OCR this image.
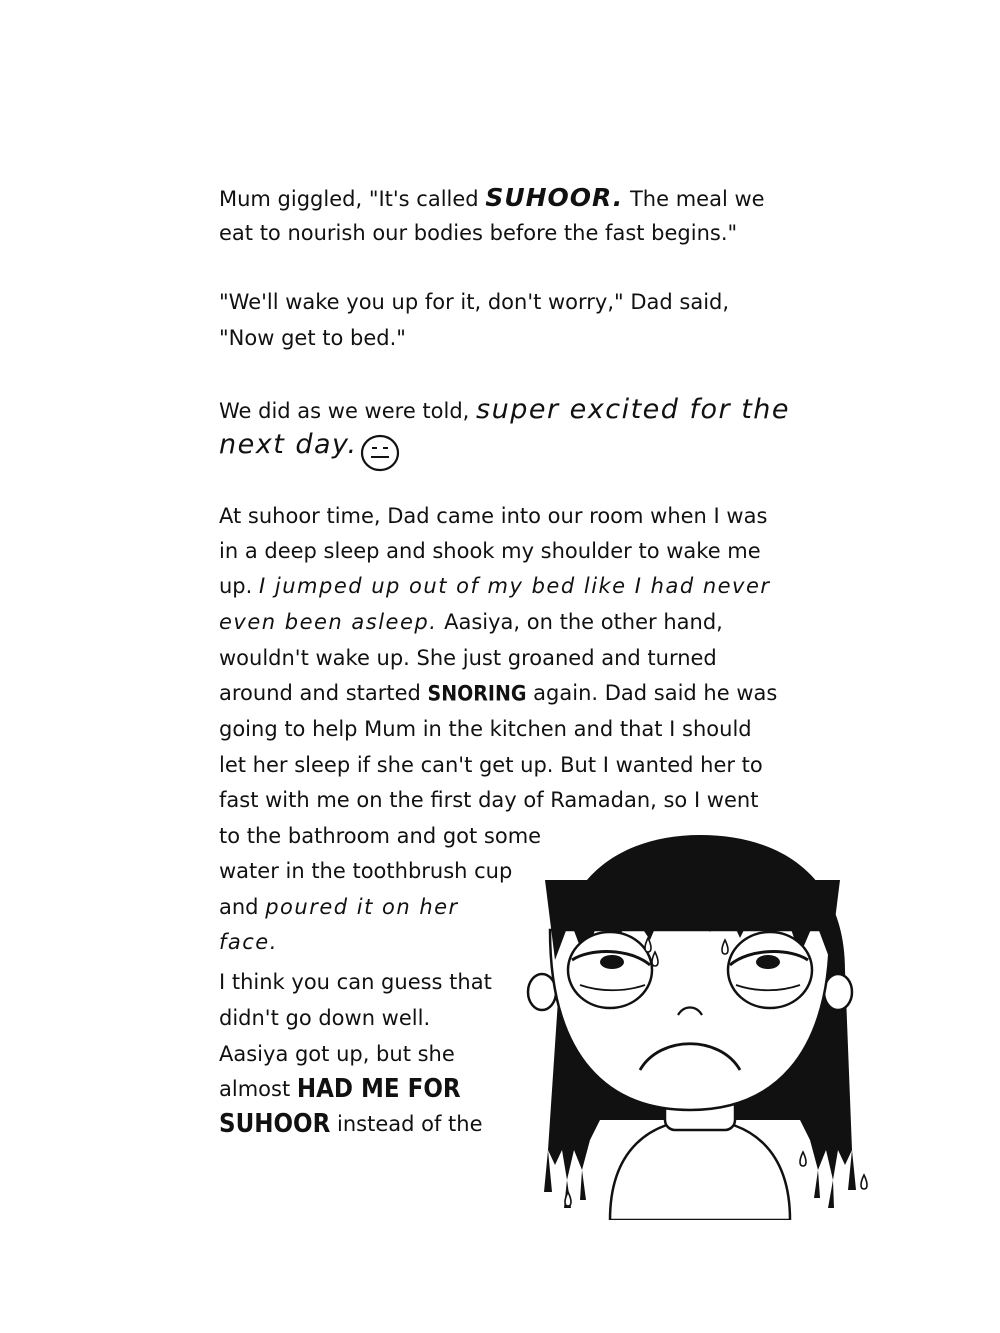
Mum giggled, "It's called SUHOOR. The meal we
eat to nourish our bodies before the fast begins."
"We'll wake you up for it, don't worry," Dad said,
"Now get to bed."
We did as we were told, super excited for the
next day.
At suhoor time, Dad came into our room when I was
in a deep sleep and shook my shoulder to wake me
up. I jumped up out of my bed like I had never
even been asleep. Aasiya, on the other hand,
wouldn't wake up. She just groaned and turned
around and started SNORING again. Dad said he was
going to help Mum in the kitchen and that I should
let her sleep if she can't get up. But I wanted her to
fast with me on the first day of Ramadan, so I went
to the bathroom and got some
water in the toothbrush cup
and poured it on her
face.
I think you can guess that
didn't go down well.
Aasiya got up, but she
almost HAD ME FOR
SUHOOR instead of the
